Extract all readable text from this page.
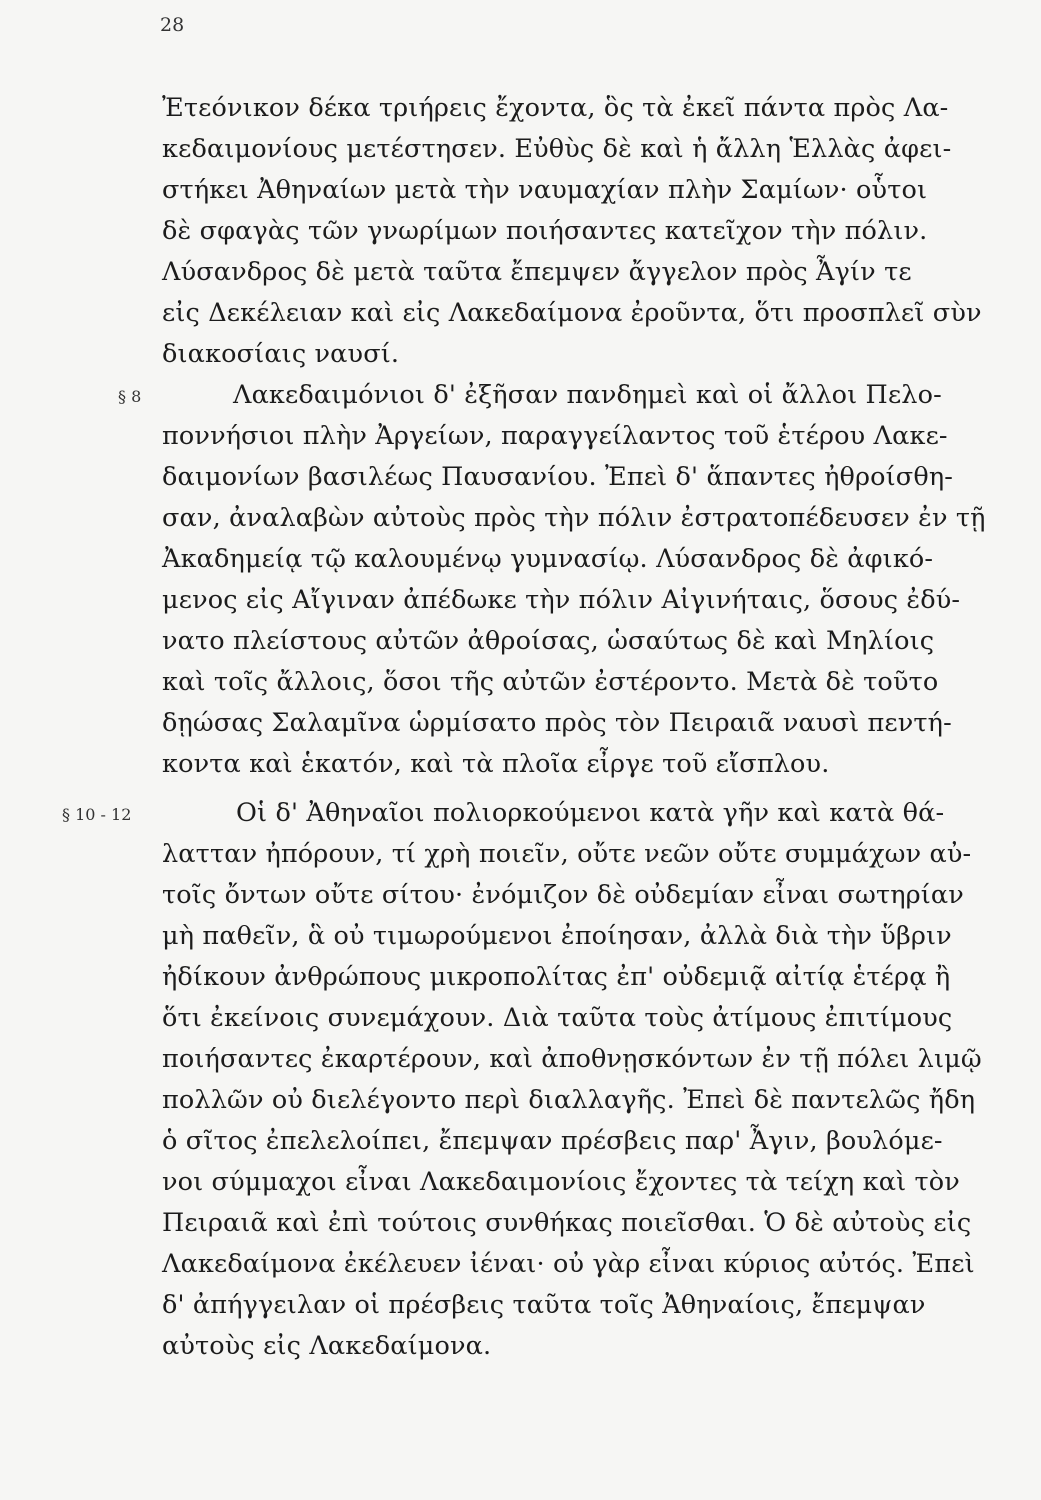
28
§ 8
§ 10 - 12
Ἐτεόνικον δέκα τριήρεις ἔχοντα, ὃς τὰ ἐκεῖ πάντα πρὸς Λα-
κεδαιμονίους μετέστησεν. Εὐθὺς δὲ καὶ ἡ ἄλλη Ἑλλὰς ἀφει-
στήκει Ἀθηναίων μετὰ τὴν ναυμαχίαν πλὴν Σαμίων· οὗτοι
δὲ σφαγὰς τῶν γνωρίμων ποιήσαντες κατεῖχον τὴν πόλιν.
Λύσανδρος δὲ μετὰ ταῦτα ἔπεμψεν ἄγγελον πρὸς Ἆγίν τε
εἰς Δεκέλειαν καὶ εἰς Λακεδαίμονα ἐροῦντα, ὅτι προσπλεῖ σὺν
διακοσίαις ναυσί.
Λακεδαιμόνιοι δ' ἐξῆσαν πανδημεὶ καὶ οἱ ἄλλοι Πελο-
ποννήσιοι πλὴν Ἀργείων, παραγγείλαντος τοῦ ἑτέρου Λακε-
δαιμονίων βασιλέως Παυσανίου. Ἐπεὶ δ' ἅπαντες ἠθροίσθη-
σαν, ἀναλαβὼν αὐτοὺς πρὸς τὴν πόλιν ἐστρατοπέδευσεν ἐν τῇ
Ἀκαδημείᾳ τῷ καλουμένῳ γυμνασίῳ. Λύσανδρος δὲ ἀφικό-
μενος εἰς Αἴγιναν ἀπέδωκε τὴν πόλιν Αἰγινήταις, ὅσους ἐδύ-
νατο πλείστους αὐτῶν ἀθροίσας, ὡσαύτως δὲ καὶ Μηλίοις
καὶ τοῖς ἄλλοις, ὅσοι τῆς αὐτῶν ἐστέροντο. Μετὰ δὲ τοῦτο
δῃώσας Σαλαμῖνα ὡρμίσατο πρὸς τὸν Πειραιᾶ ναυσὶ πεντή-
κοντα καὶ ἑκατόν, καὶ τὰ πλοῖα εἶργε τοῦ εἴσπλου.
Οἱ δ' Ἀθηναῖοι πολιορκούμενοι κατὰ γῆν καὶ κατὰ θά-
λατταν ἠπόρουν, τί χρὴ ποιεῖν, οὔτε νεῶν οὔτε συμμάχων αὐ-
τοῖς ὄντων οὔτε σίτου· ἐνόμιζον δὲ οὐδεμίαν εἶναι σωτηρίαν
μὴ παθεῖν, ἃ οὐ τιμωρούμενοι ἐποίησαν, ἀλλὰ διὰ τὴν ὕβριν
ἠδίκουν ἀνθρώπους μικροπολίτας ἐπ' οὐδεμιᾷ αἰτίᾳ ἑτέρᾳ ἢ
ὅτι ἐκείνοις συνεμάχουν. Διὰ ταῦτα τοὺς ἀτίμους ἐπιτίμους
ποιήσαντες ἐκαρτέρουν, καὶ ἀποθνῃσκόντων ἐν τῇ πόλει λιμῷ
πολλῶν οὐ διελέγοντο περὶ διαλλαγῆς. Ἐπεὶ δὲ παντελῶς ἤδη
ὁ σῖτος ἐπελελοίπει, ἔπεμψαν πρέσβεις παρ' Ἆγιν, βουλόμε-
νοι σύμμαχοι εἶναι Λακεδαιμονίοις ἔχοντες τὰ τείχη καὶ τὸν
Πειραιᾶ καὶ ἐπὶ τούτοις συνθήκας ποιεῖσθαι. Ὁ δὲ αὐτοὺς εἰς
Λακεδαίμονα ἐκέλευεν ἰέναι· οὐ γὰρ εἶναι κύριος αὐτός. Ἐπεὶ
δ' ἀπήγγειλαν οἱ πρέσβεις ταῦτα τοῖς Ἀθηναίοις, ἔπεμψαν
αὐτοὺς εἰς Λακεδαίμονα.
